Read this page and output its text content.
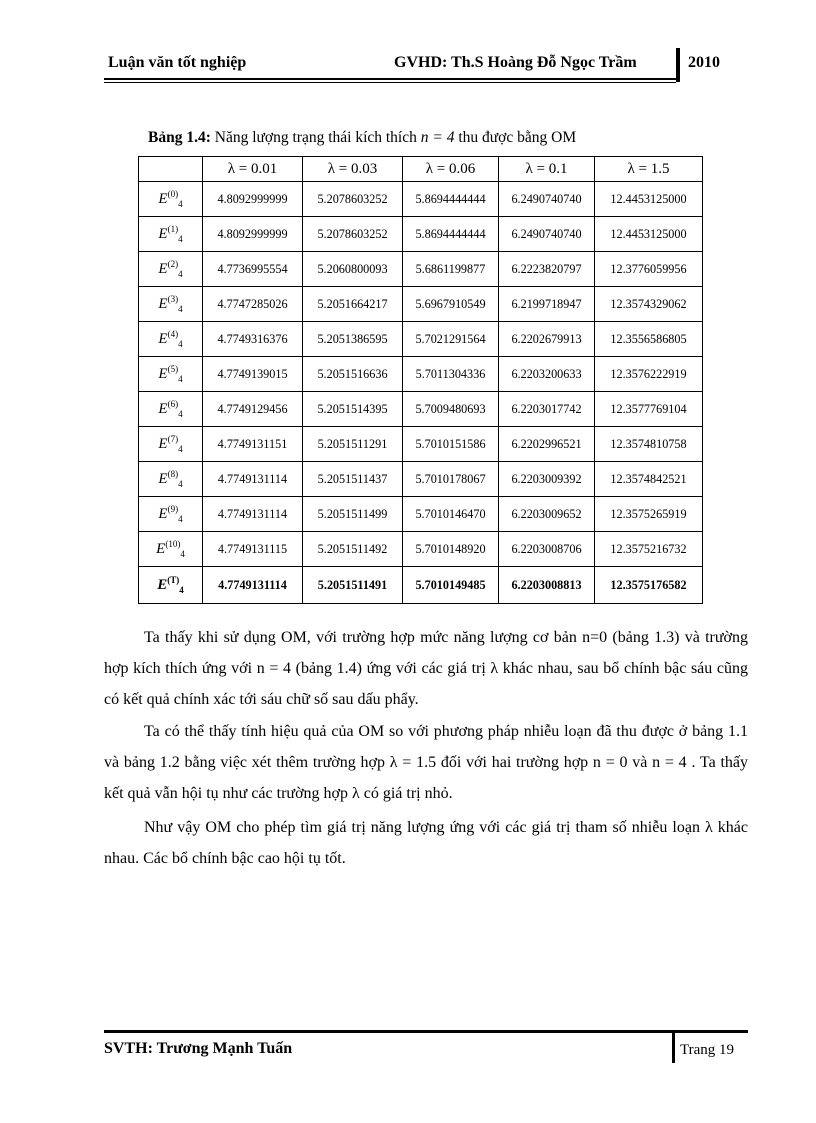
Luận văn tốt nghiệp	GVHD: Th.S Hoàng Đỗ Ngọc Trầm	2010
Bảng 1.4: Năng lượng trạng thái kích thích n = 4 thu được bằng OM
	λ = 0.01	λ = 0.03	λ = 0.06	λ = 0.1	λ = 1.5
$E^{(0)}_4$	4.8092999999	5.2078603252	5.8694444444	6.2490740740	12.4453125000
$E^{(1)}_4$	4.8092999999	5.2078603252	5.8694444444	6.2490740740	12.4453125000
$E^{(2)}_4$	4.7736995554	5.2060800093	5.6861199877	6.2223820797	12.3776059956
$E^{(3)}_4$	4.7747285026	5.2051664217	5.6967910549	6.2199718947	12.3574329062
$E^{(4)}_4$	4.7749316376	5.2051386595	5.7021291564	6.2202679913	12.3556586805
$E^{(5)}_4$	4.7749139015	5.2051516636	5.7011304336	6.2203200633	12.3576222919
$E^{(6)}_4$	4.7749129456	5.2051514395	5.7009480693	6.2203017742	12.3577769104
$E^{(7)}_4$	4.7749131151	5.2051511291	5.7010151586	6.2202996521	12.3574810758
$E^{(8)}_4$	4.7749131114	5.2051511437	5.7010178067	6.2203009392	12.3574842521
$E^{(9)}_4$	4.7749131114	5.2051511499	5.7010146470	6.2203009652	12.3575265919
$E^{(10)}_4$	4.7749131115	5.2051511492	5.7010148920	6.2203008706	12.3575216732
$E^{(T)}_4$	4.7749131114	5.2051511491	5.7010149485	6.2203008813	12.3575176582
Ta thấy khi sử dụng OM, với trường hợp mức năng lượng cơ bản n=0 (bảng 1.3) và trường hợp kích thích ứng với n = 4 (bảng 1.4) ứng với các giá trị λ khác nhau, sau bổ chính bậc sáu cũng có kết quả chính xác tới sáu chữ số sau dấu phẩy.
Ta có thể thấy tính hiệu quả của OM so với phương pháp nhiễu loạn đã thu được ở bảng 1.1 và bảng 1.2 bằng việc xét thêm trường hợp λ = 1.5 đối với hai trường hợp n = 0 và n = 4 . Ta thấy kết quả vẫn hội tụ như các trường hợp λ có giá trị nhỏ.
Như vậy OM cho phép tìm giá trị năng lượng ứng với các giá trị tham số nhiễu loạn λ khác nhau. Các bổ chính bậc cao hội tụ tốt.
SVTH: Trương Mạnh Tuấn	Trang 19
